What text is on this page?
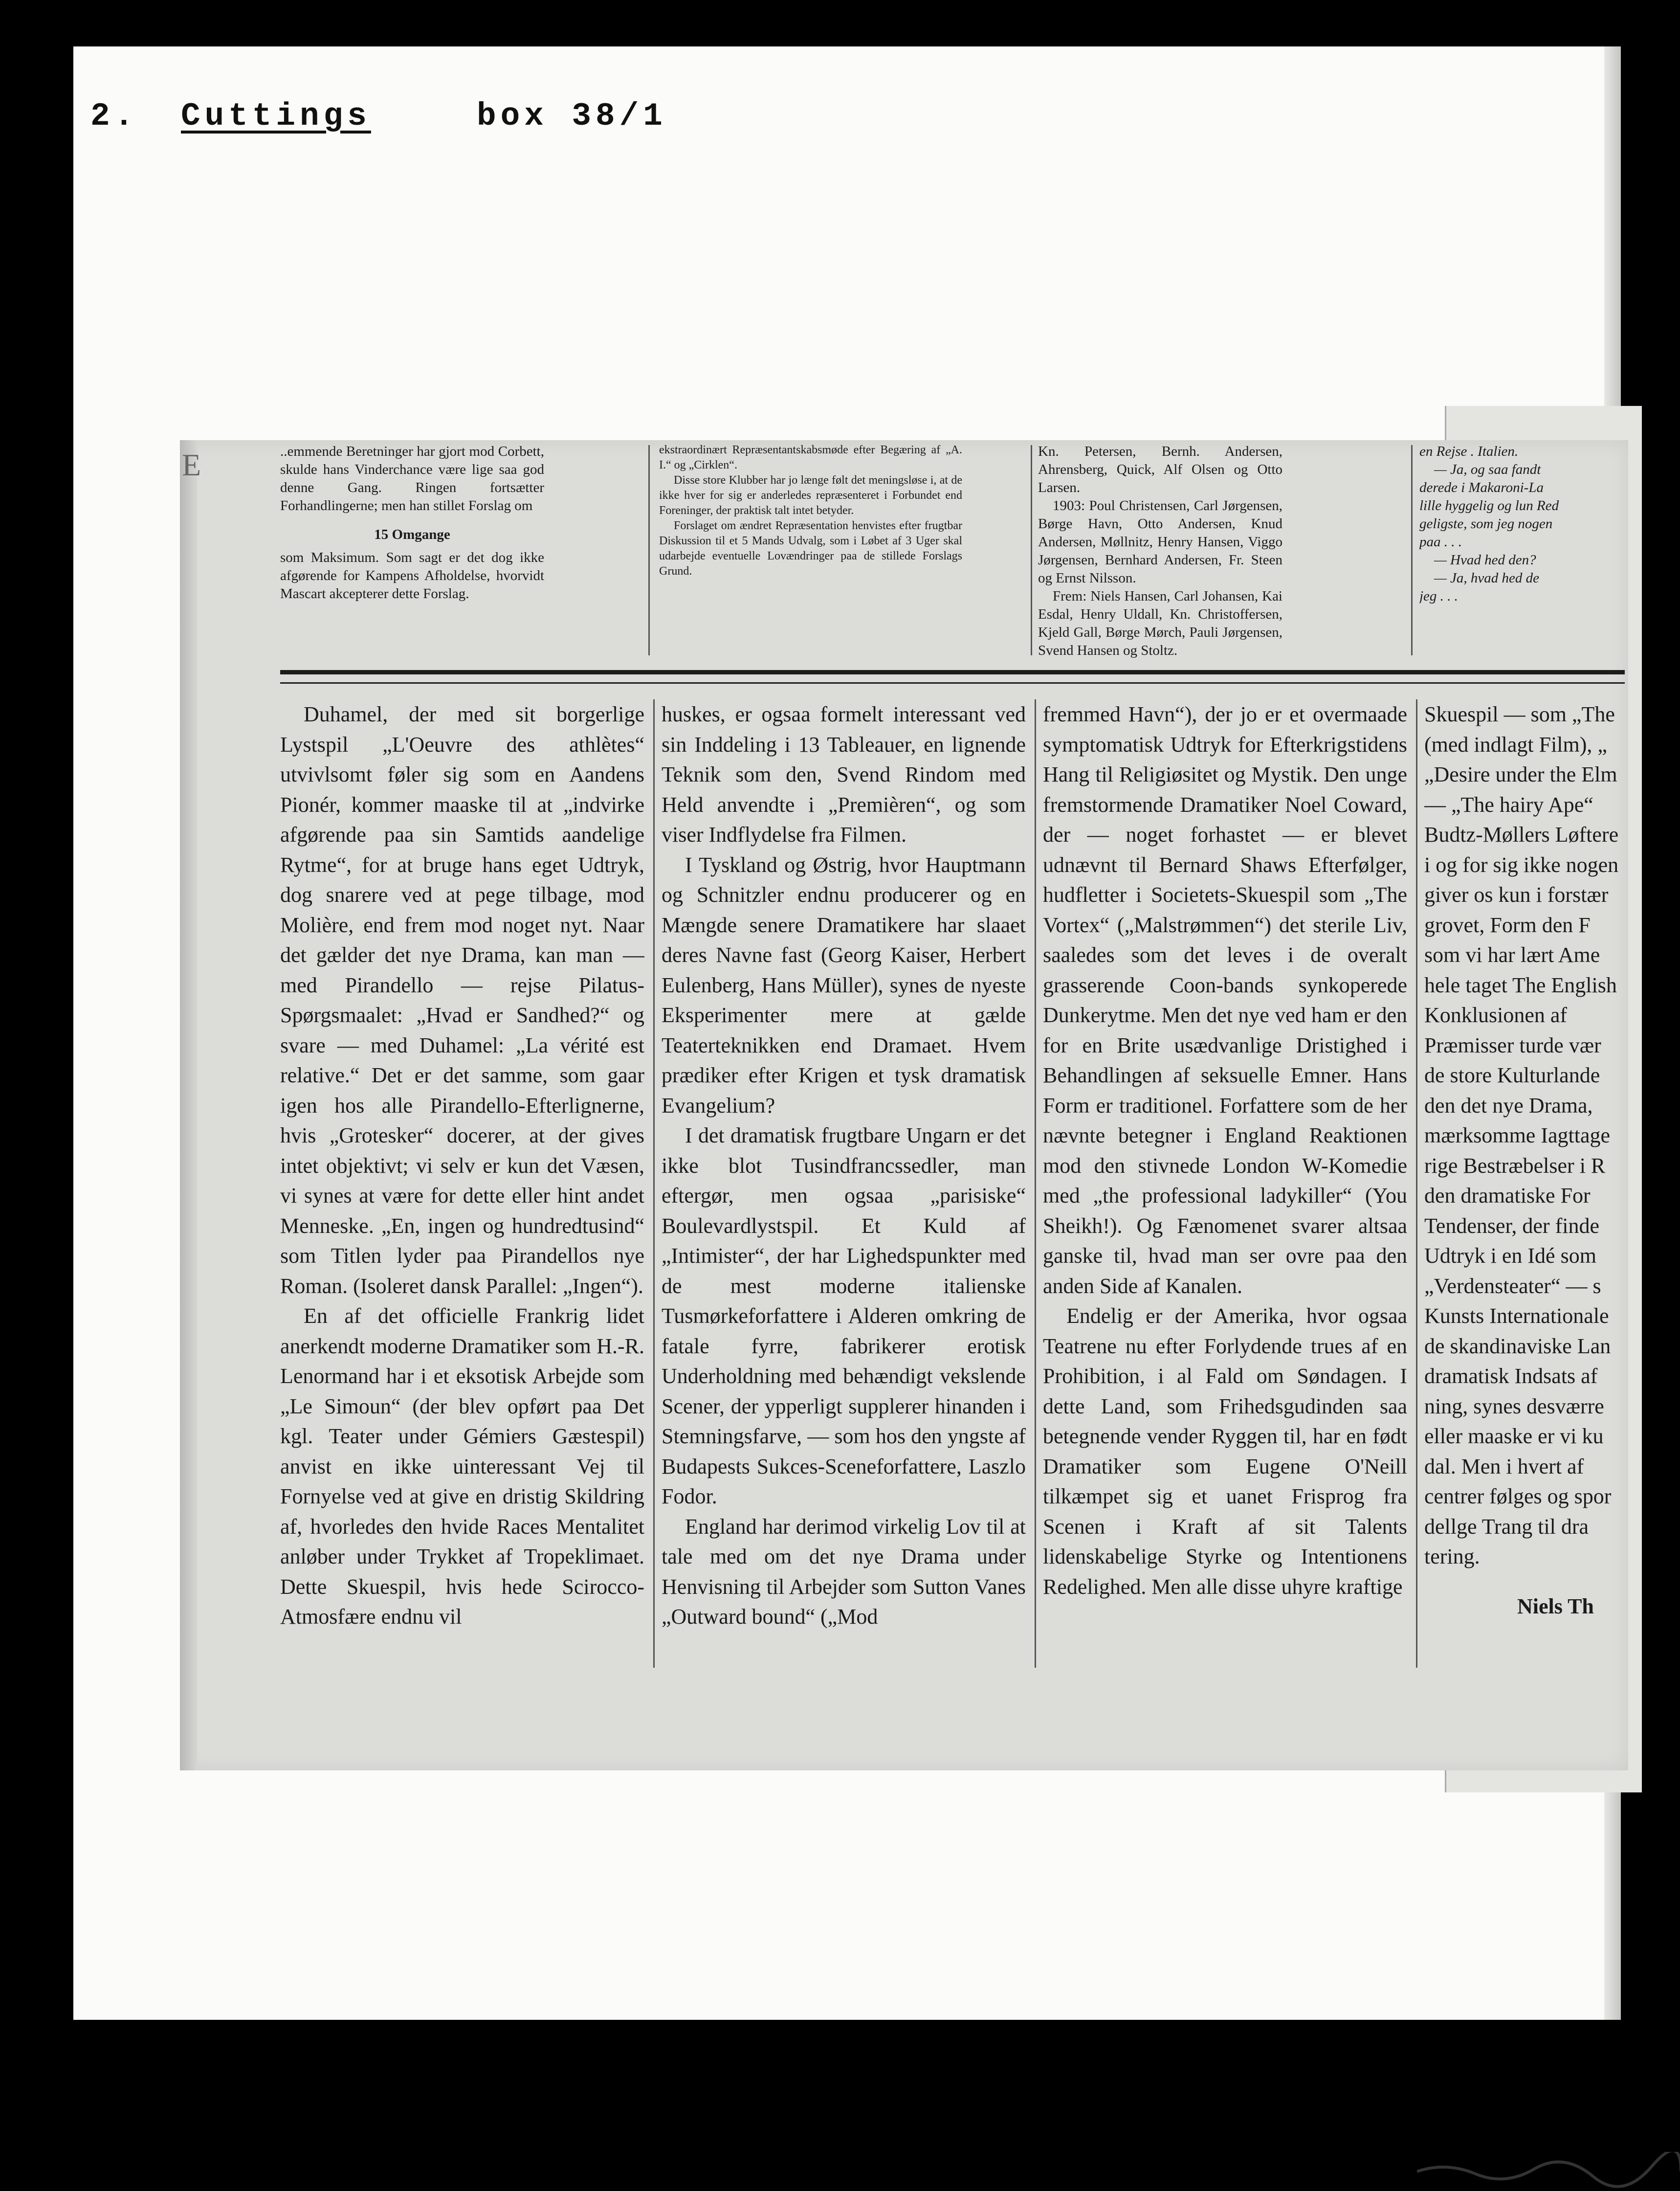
2. Cuttings	box 38/1
E	..emmende Beretninger har gjort mod Corbett, skulde hans Vinderchance være lige saa god denne Gang. Ringen fortsætter Forhandlingerne; men han stillet Forslag om

15 Omgange

som Maksimum. Som sagt er det dog ikke afgørende for Kampens Afholdelse, hvorvidt Mascart akcepterer dette Forslag.

ekstraordinært Repræsentantskabsmøde efter Begæring af „A. I.“ og „Cirklen“.

Disse store Klubber har jo længe følt det meningsløse i, at de ikke hver for sig er anderledes repræsenteret i Forbundet end Foreninger, der praktisk talt intet betyder.

Forslaget om ændret Repræsentation henvistes efter frugtbar Diskussion til et 5 Mands Udvalg, som i Løbet af 3 Uger skal udarbejde eventuelle Lovændringer paa de stillede Forslags Grund.

Kn. Petersen, Bernh. Andersen, Ahrensberg, Quick, Alf Olsen og Otto Larsen.

1903: Poul Christensen, Carl Jørgensen, Børge Havn, Otto Andersen, Knud Andersen, Møllnitz, Henry Hansen, Viggo Jørgensen, Bernhard Andersen, Fr. Steen og Ernst Nilsson.

Frem: Niels Hansen, Carl Johansen, Kai Esdal, Henry Uldall, Kn. Christoffersen, Kjeld Gall, Børge Mørch, Pauli Jørgensen, Svend Hansen og Stoltz.

en Rejse . Italien.

— Ja, og saa fandt

derede i Makaroni-La

lille hyggelig og lun Red

geligste, som jeg nogen

paa . . .

— Hvad hed den?

— Ja, hvad hed de

jeg . . .

Duhamel, der med sit borgerlige Lystspil „L'Oeuvre des athlètes“ utvivlsomt føler sig som en Aandens Pionér, kommer maaske til at „indvirke afgørende paa sin Samtids aandelige Rytme“, for at bruge hans eget Udtryk, dog snarere ved at pege tilbage, mod Molière, end frem mod noget nyt. Naar det gælder det nye Drama, kan man — med Pirandello — rejse Pilatus-Spørgsmaalet: „Hvad er Sandhed?“ og svare — med Duhamel: „La vérité est relative.“ Det er det samme, som gaar igen hos alle Pirandello-Efterlignerne, hvis „Grotesker“ docerer, at der gives intet objektivt; vi selv er kun det Væsen, vi synes at være for dette eller hint andet Menneske. „En, ingen og hundredtusind“ som Titlen lyder paa Pirandellos nye Roman. (Isoleret dansk Parallel: „Ingen“).

En af det officielle Frankrig lidet anerkendt moderne Dramatiker som H.-R. Lenormand har i et eksotisk Arbejde som „Le Simoun“ (der blev opført paa Det kgl. Teater under Gémiers Gæstespil) anvist en ikke uinteressant Vej til Fornyelse ved at give en dristig Skildring af, hvorledes den hvide Races Mentalitet anløber under Trykket af Tropeklimaet. Dette Skuespil, hvis hede Scirocco-Atmosfære endnu vil

huskes, er ogsaa formelt interessant ved sin Inddeling i 13 Tableauer, en lignende Teknik som den, Svend Rindom med Held anvendte i „Premièren“, og som viser Indflydelse fra Filmen.

I Tyskland og Østrig, hvor Hauptmann og Schnitzler endnu producerer og en Mængde senere Dramatikere har slaaet deres Navne fast (Georg Kaiser, Herbert Eulenberg, Hans Müller), synes de nyeste Eksperimenter mere at gælde Teaterteknikken end Dramaet. Hvem prædiker efter Krigen et tysk dramatisk Evangelium?

I det dramatisk frugtbare Ungarn er det ikke blot Tusindfrancssedler, man eftergør, men ogsaa „parisiske“ Boulevardlystspil. Et Kuld af „Intimister“, der har Lighedspunkter med de mest moderne italienske Tusmørkeforfattere i Alderen omkring de fatale fyrre, fabrikerer erotisk Underholdning med behændigt vekslende Scener, der ypperligt supplerer hinanden i Stemningsfarve, — som hos den yngste af Budapests Sukces-Sceneforfattere, Laszlo Fodor.

England har derimod virkelig Lov til at tale med om det nye Drama under Henvisning til Arbejder som Sutton Vanes „Outward bound“ („Mod

fremmed Havn“), der jo er et overmaade symptomatisk Udtryk for Efterkrigstidens Hang til Religiøsitet og Mystik. Den unge fremstormende Dramatiker Noel Coward, der — noget forhastet — er blevet udnævnt til Bernard Shaws Efterfølger, hudfletter i Societets-Skuespil som „The Vortex“ („Malstrømmen“) det sterile Liv, saaledes som det leves i de overalt grasserende Coon-bands synkoperede Dunkerytme. Men det nye ved ham er den for en Brite usædvanlige Dristighed i Behandlingen af seksuelle Emner. Hans Form er traditionel. Forfattere som de her nævnte betegner i England Reaktionen mod den stivnede London W-Komedie med „the professional ladykiller“ (You Sheikh!). Og Fænomenet svarer altsaa ganske til, hvad man ser ovre paa den anden Side af Kanalen.

Endelig er der Amerika, hvor ogsaa Teatrene nu efter Forlydende trues af en Prohibition, i al Fald om Søndagen. I dette Land, som Frihedsgudinden saa betegnende vender Ryggen til, har en født Dramatiker som Eugene O'Neill tilkæmpet sig et uanet Frisprog fra Scenen i Kraft af sit Talents lidenskabelige Styrke og Intentionens Redelighed. Men alle disse uhyre kraftige

Skuespil — som „The

(med indlagt Film), „

„Desire under the Elm

— „The hairy Ape“

Budtz-Møllers Løftere

i og for sig ikke nogen

giver os kun i forstær

grovet, Form den F

som vi har lært Ame

hele taget The English

Konklusionen af

Præmisser turde vær

de store Kulturlande

den det nye Drama,

mærksomme Iagttage

rige Bestræbelser i R

den dramatiske For

Tendenser, der finde

Udtryk i en Idé som

„Verdensteater“ — s

Kunsts Internationale

de skandinaviske Lan

dramatisk Indsats af

ning, synes desværre

eller maaske er vi ku

dal. Men i hvert af

centrer følges og spor

dellge Trang til dra

tering.

Niels Th
